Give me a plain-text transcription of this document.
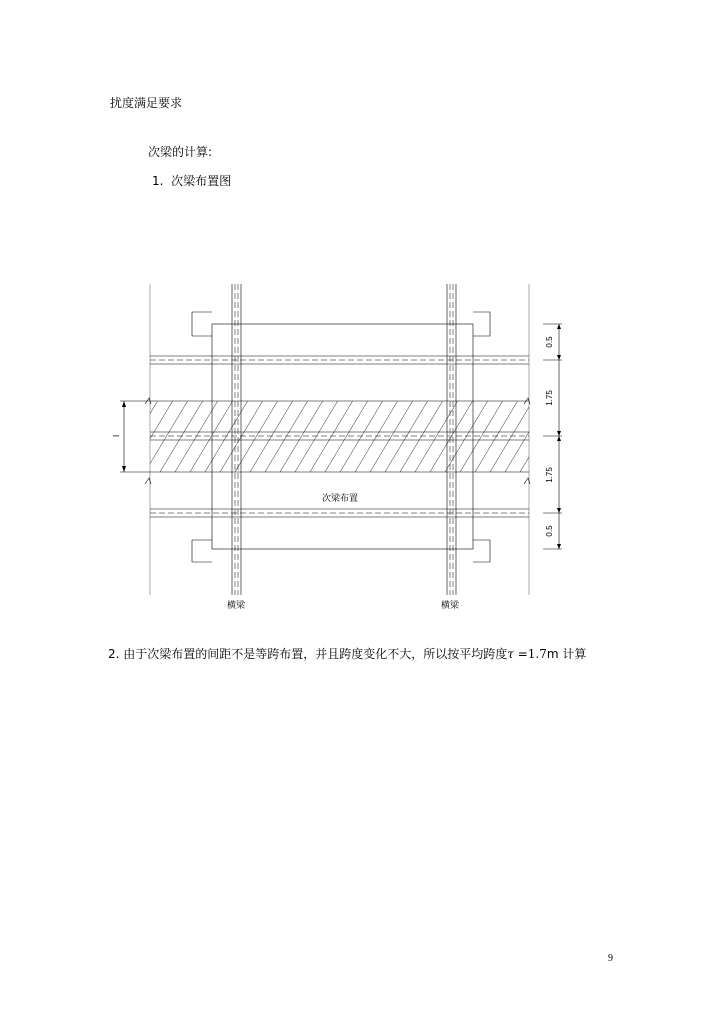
扰度满足要求
次梁的计算:
1. 次梁布置图
I
0.5
1.75
1.75
0.5
次梁布置
横梁	横梁
2. 由于次梁布置的间距不是等跨布置，并且跨度变化不大，所以按平均跨度τ =1.7m 计算
9
